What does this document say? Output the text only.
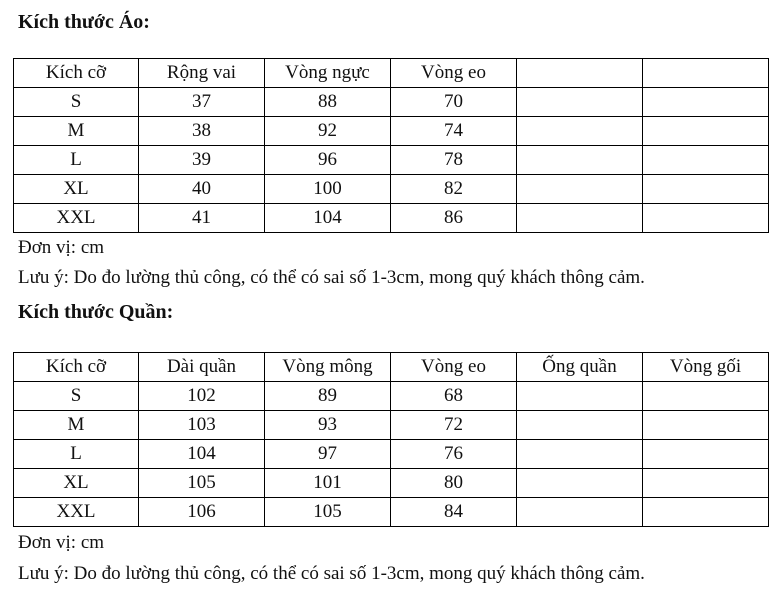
Kích thước Áo:
Kích cỡ	Rộng vai	Vòng ngực	Vòng eo		
S	37	88	70		
M	38	92	74		
L	39	96	78		
XL	40	100	82		
XXL	41	104	86		

Đơn vị: cm

Lưu ý: Do đo lường thủ công, có thể có sai số 1-3cm, mong quý khách thông cảm.

Kích thước Quần:
Kích cỡ	Dài quần	Vòng mông	Vòng eo	Ống quần	Vòng gối
S	102	89	68		
M	103	93	72		
L	104	97	76		
XL	105	101	80		
XXL	106	105	84		

Đơn vị: cm

Lưu ý: Do đo lường thủ công, có thể có sai số 1-3cm, mong quý khách thông cảm.
